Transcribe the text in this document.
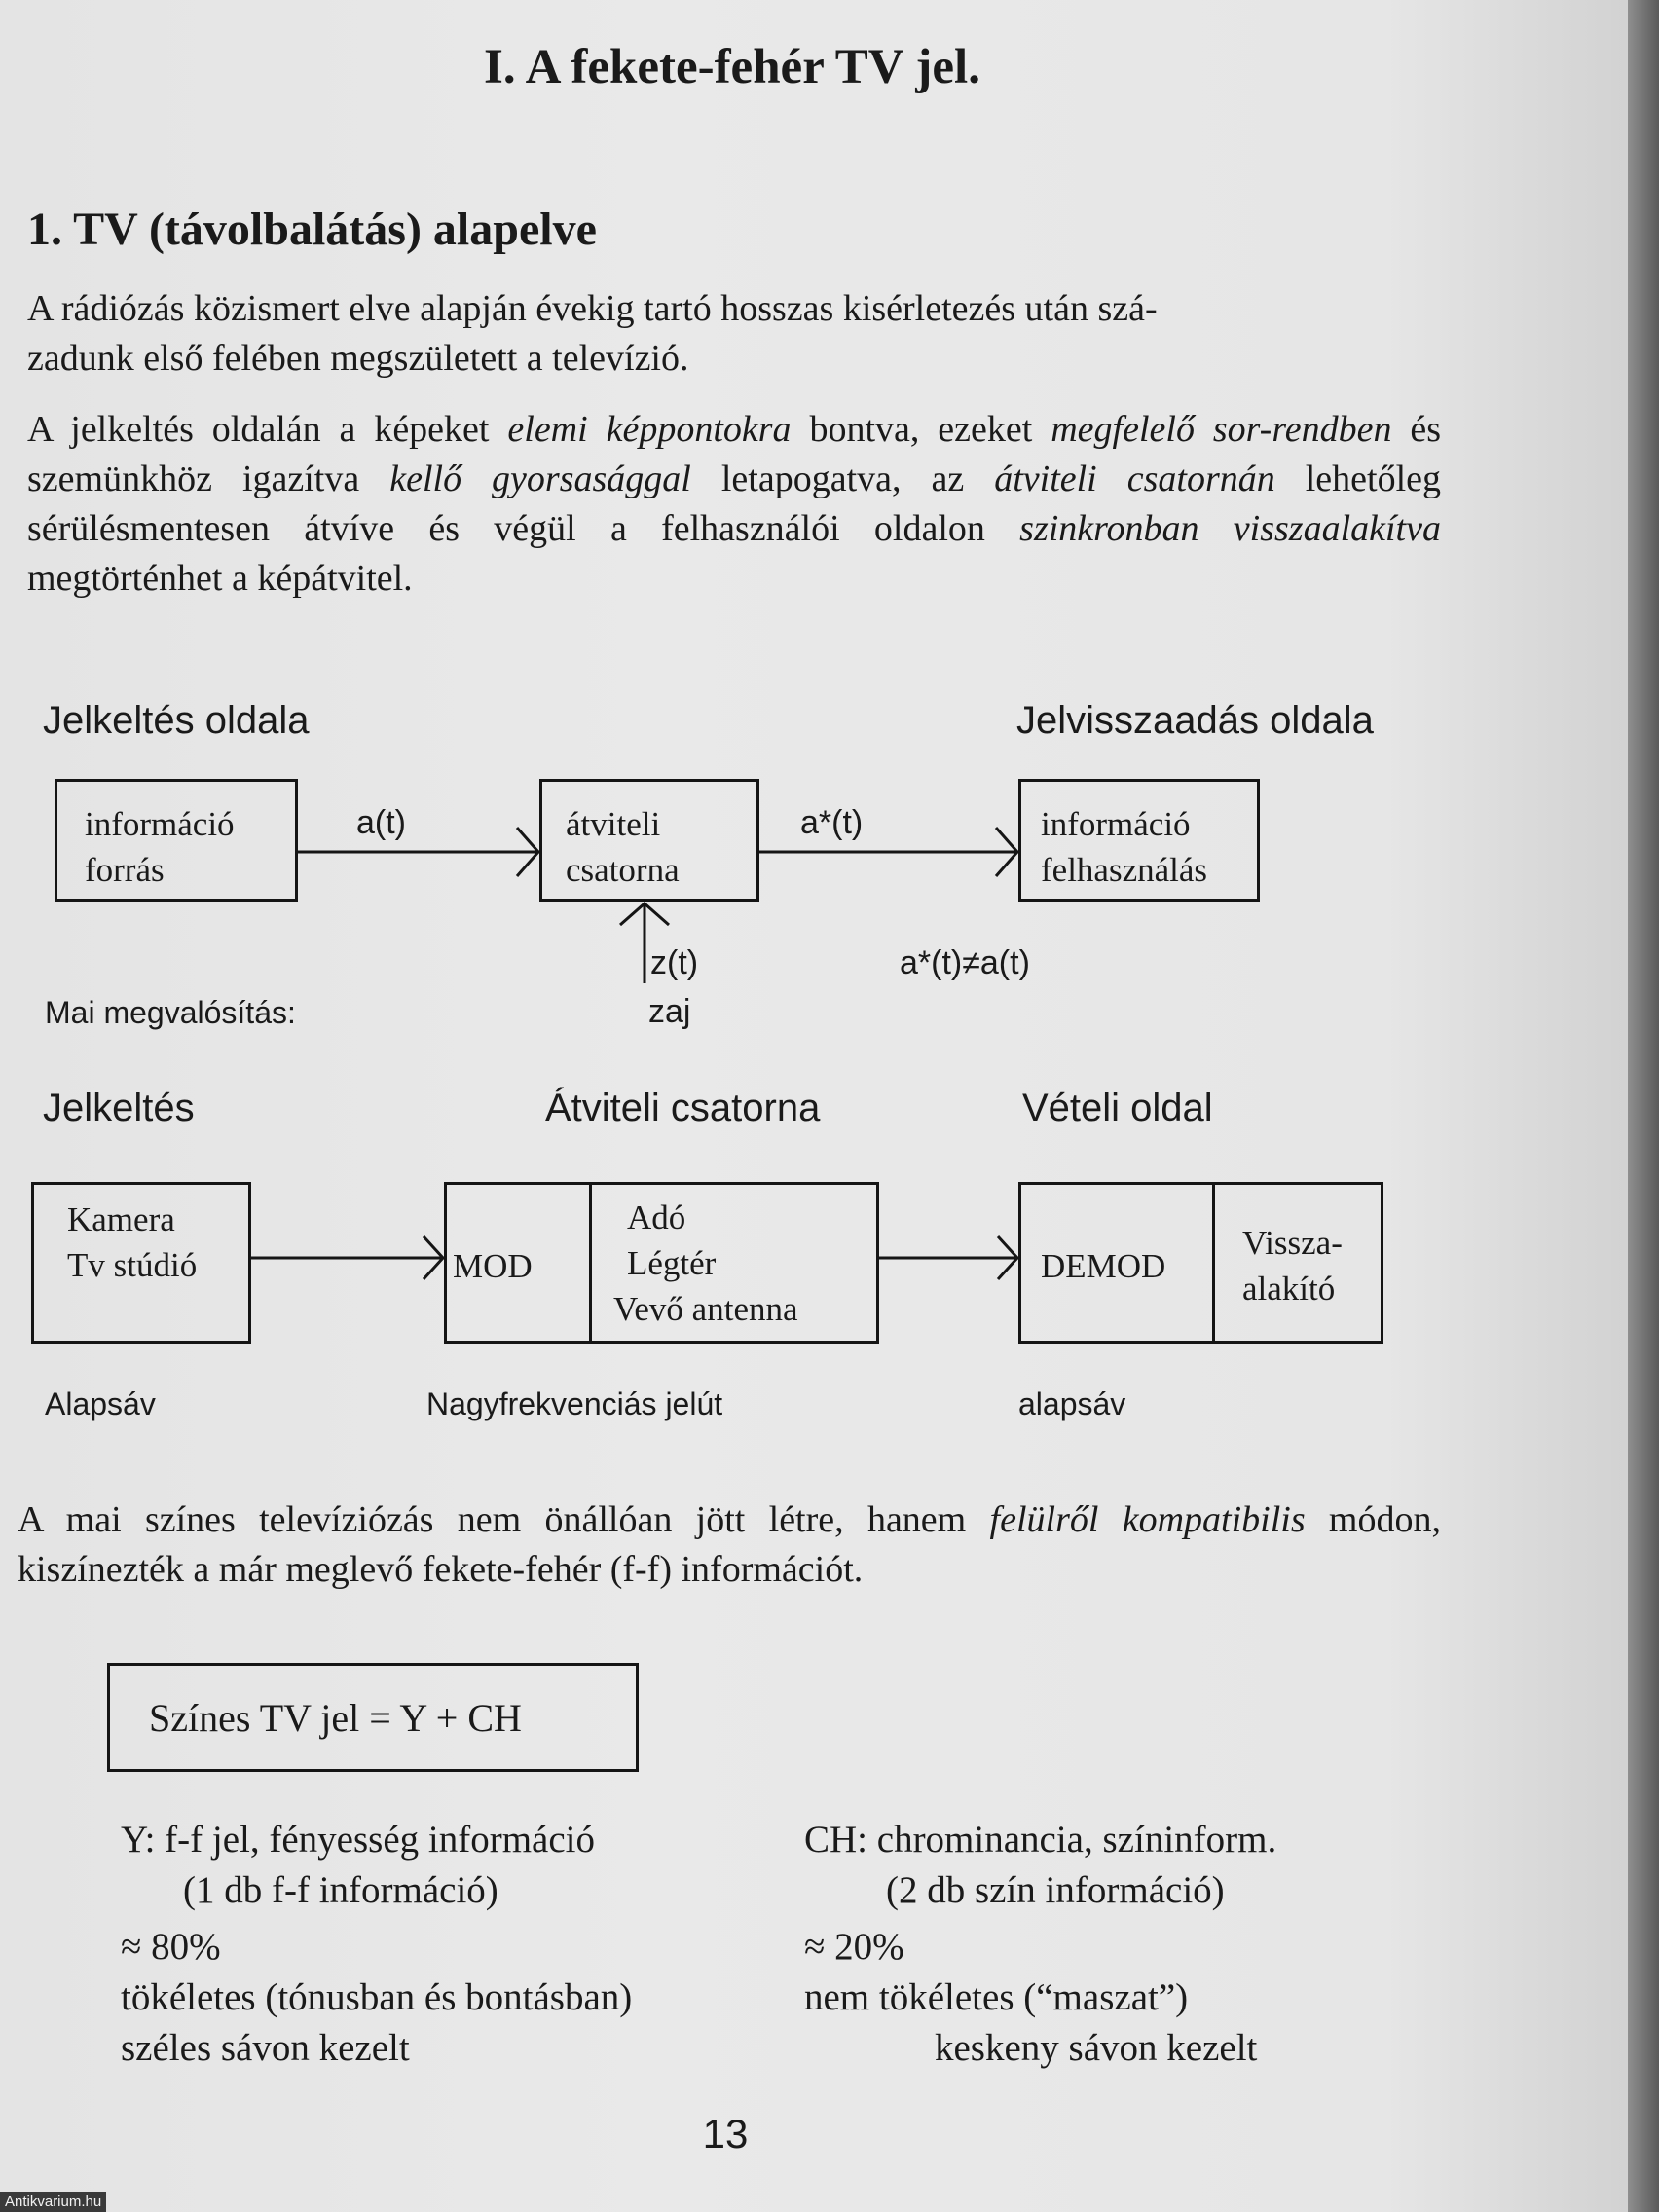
I. A fekete-fehér TV jel.
1. TV (távolbalátás) alapelve
A rádiózás közismert elve alapján évekig tartó hosszas kisérletezés után szá-
zadunk első felében megszületett a televízió.
A jelkeltés oldalán a képeket elemi képpontokra bontva, ezeket megfelelő sor-rendben és szemünkhöz igazítva kellő gyorsasággal letapogatva, az átviteli csatornán lehetőleg sérülésmentesen átvíve és végül a felhasználói oldalon szinkronban visszaalakítva megtörténhet a képátvitel.
Jelkeltés oldala	Jelvisszaadás oldala
információ
forrás
átviteli
csatorna
információ
felhasználás
a(t)	a*(t)
z(t)
zaj
a*(t)≠a(t)
Mai megvalósítás:
Jelkeltés	Átviteli csatorna	Vételi oldal
Kamera
Tv stúdió	MOD
Adó
Légtér
Vevő antenna
DEMOD
Vissza-
alakító
Alapsáv	Nagyfrekvenciás jelút	alapsáv
A mai színes televíziózás nem önállóan jött létre, hanem felülről kompatibilis módon, kiszínezték a már meglevő fekete-fehér (f-f) információt.
Színes TV jel = Y + CH
Y: f-f jel, fényesség információ
(1 db f-f információ)
≈ 80%
tökéletes (tónusban és bontásban)
széles sávon kezelt
CH: chrominancia, színinform.
(2 db szín információ)
≈ 20%
nem tökéletes (“maszat”)
keskeny sávon kezelt
13
Antikvarium.hu
